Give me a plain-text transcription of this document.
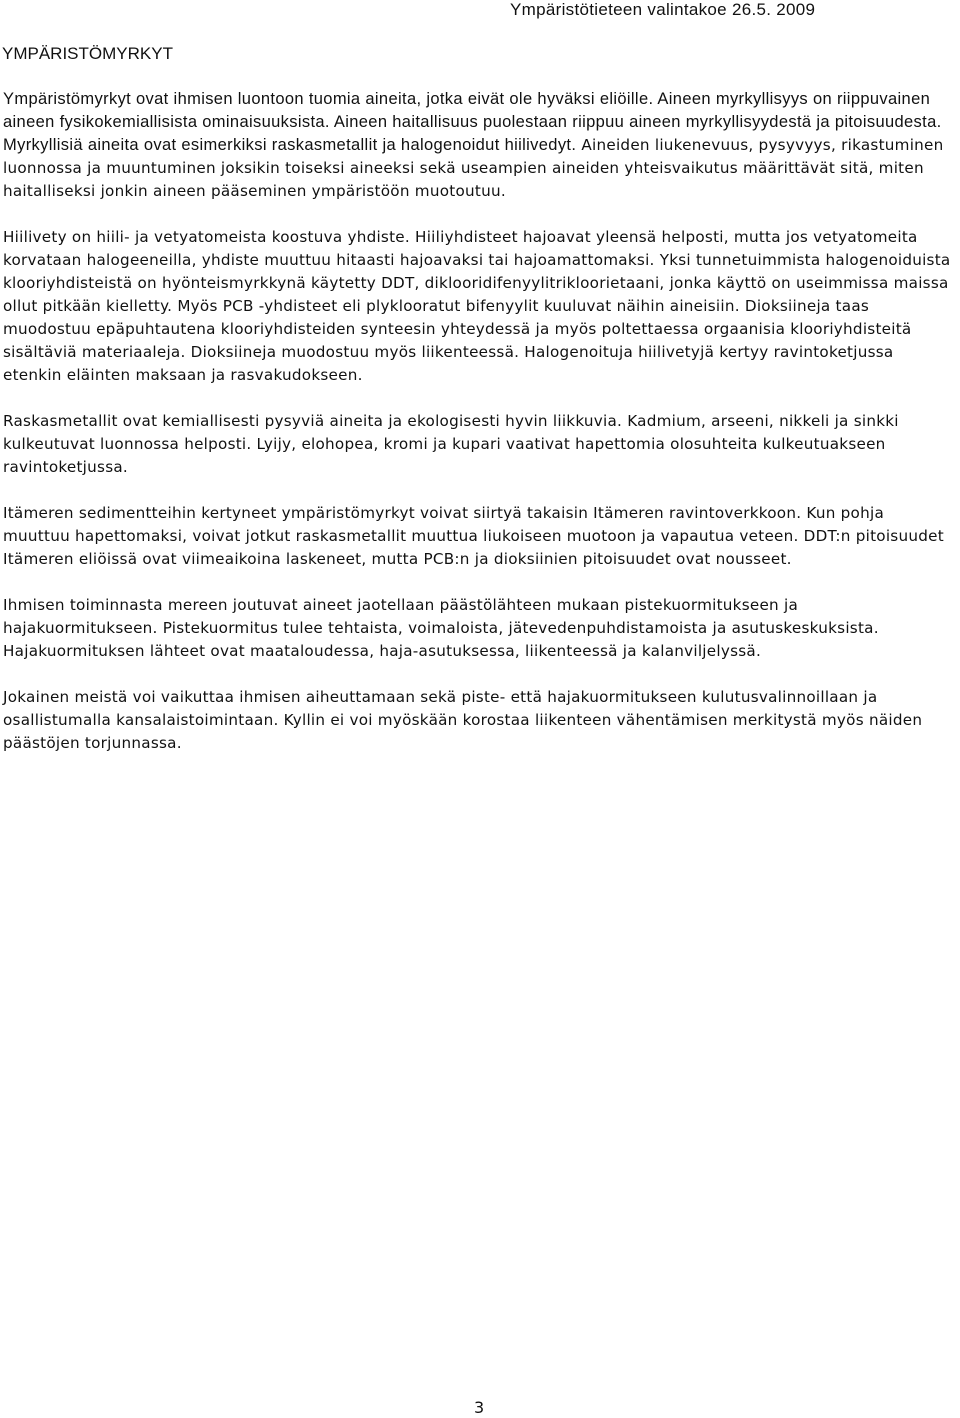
Ympäristötieteen valintakoe 26.5. 2009
YMPÄRISTÖMYRKYT

Ympäristömyrkyt ovat ihmisen luontoon tuomia aineita, jotka eivät ole hyväksi eliöille. Aineen myrkyllisyys on riippuvainen aineen fysikokemiallisista ominaisuuksista. Aineen haitallisuus puolestaan riippuu aineen myrkyllisyydestä ja pitoisuudesta. Myrkyllisiä aineita ovat esimerkiksi raskasmetallit ja halogenoidut hiilivedyt. Aineiden liukenevuus, pysyvyys, rikastuminen luonnossa ja muuntuminen joksikin toiseksi aineeksi sekä useampien aineiden yhteisvaikutus määrittävät sitä, miten haitalliseksi jonkin aineen pääseminen ympäristöön muotoutuu.

Hiilivety on hiili- ja vetyatomeista koostuva yhdiste. Hiiliyhdisteet hajoavat yleensä helposti, mutta jos vetyatomeita korvataan halogeeneilla, yhdiste muuttuu hitaasti hajoavaksi tai hajoamattomaksi. Yksi tunnetuimmista halogenoiduista klooriyhdisteistä on hyönteismyrkkynä käytetty DDT, diklooridifenyylitrikloorietaani, jonka käyttö on useimmissa maissa ollut pitkään kielletty. Myös PCB -yhdisteet eli plyklooratut bifenyylit kuuluvat näihin aineisiin. Dioksiineja taas muodostuu epäpuhtautena klooriyhdisteiden synteesin yhteydessä ja myös poltettaessa orgaanisia klooriyhdisteitä sisältäviä materiaaleja. Dioksiineja muodostuu myös liikenteessä. Halogenoituja hiilivetyjä kertyy ravintoketjussa etenkin eläinten maksaan ja rasvakudokseen.

Raskasmetallit ovat kemiallisesti pysyviä aineita ja ekologisesti hyvin liikkuvia. Kadmium, arseeni, nikkeli ja sinkki kulkeutuvat luonnossa helposti. Lyijy, elohopea, kromi ja kupari vaativat hapettomia olosuhteita kulkeutuakseen ravintoketjussa.

Itämeren sedimentteihin kertyneet ympäristömyrkyt voivat siirtyä takaisin Itämeren ravintoverkkoon. Kun pohja muuttuu hapettomaksi, voivat jotkut raskasmetallit muuttua liukoiseen muotoon ja vapautua veteen. DDT:n pitoisuudet Itämeren eliöissä ovat viimeaikoina laskeneet, mutta PCB:n ja dioksiinien pitoisuudet ovat nousseet.

Ihmisen toiminnasta mereen joutuvat aineet jaotellaan päästölähteen mukaan pistekuormitukseen ja hajakuormitukseen. Pistekuormitus tulee tehtaista, voimaloista, jätevedenpuhdistamoista ja asutuskeskuksista. Hajakuormituksen lähteet ovat maataloudessa, haja-asutuksessa, liikenteessä ja kalanviljelyssä.

Jokainen meistä voi vaikuttaa ihmisen aiheuttamaan sekä piste- että hajakuormitukseen kulutusvalinnoillaan ja osallistumalla kansalaistoimintaan. Kyllin ei voi myöskään korostaa liikenteen vähentämisen merkitystä myös näiden päästöjen torjunnassa.

3
